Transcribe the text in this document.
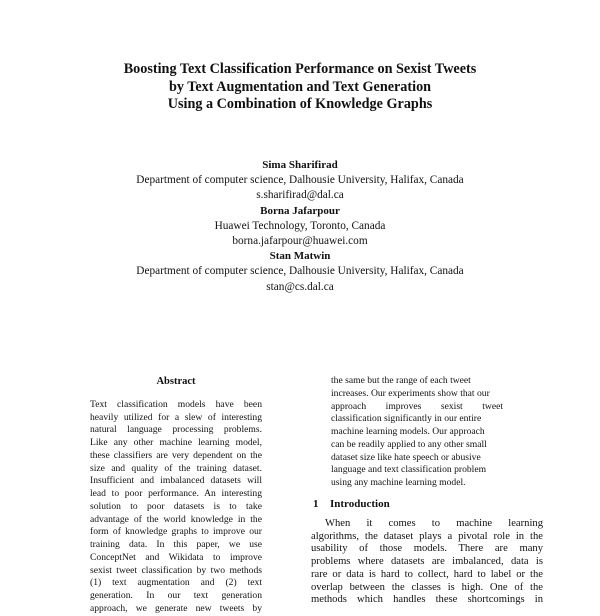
Boosting Text Classification Performance on Sexist Tweets
by Text Augmentation and Text Generation
Using a Combination of Knowledge Graphs
Sima Sharifirad
Department of computer science, Dalhousie University, Halifax, Canada
s.sharifirad@dal.ca
Borna Jafarpour
Huawei Technology, Toronto, Canada
borna.jafarpour@huawei.com
Stan Matwin
Department of computer science, Dalhousie University, Halifax, Canada
stan@cs.dal.ca
Abstract
Text classification models have been
heavily utilized for a slew of interesting
natural language processing problems.
Like any other machine learning model,
these classifiers are very dependent on the
size and quality of the training dataset.
Insufficient and imbalanced datasets will
lead to poor performance. An interesting
solution to poor datasets is to take
advantage of the world knowledge in the
form of knowledge graphs to improve our
training data. In this paper, we use
ConceptNet and Wikidata to improve
sexist tweet classification by two methods
(1) text augmentation and (2) text
generation. In our text generation
approach, we generate new tweets by
the same but the range of each tweet
increases. Our experiments show that our
approach improves sexist tweet
classification significantly in our entire
machine learning models. Our approach
can be readily applied to any other small
dataset size like hate speech or abusive
language and text classification problem
using any machine learning model.
1 Introduction
When it comes to machine learning
algorithms, the dataset plays a pivotal role in the
usability of those models. There are many
problems where datasets are imbalanced, data is
rare or data is hard to collect, hard to label or the
overlap between the classes is high. One of the
methods which handles these shortcomings in
